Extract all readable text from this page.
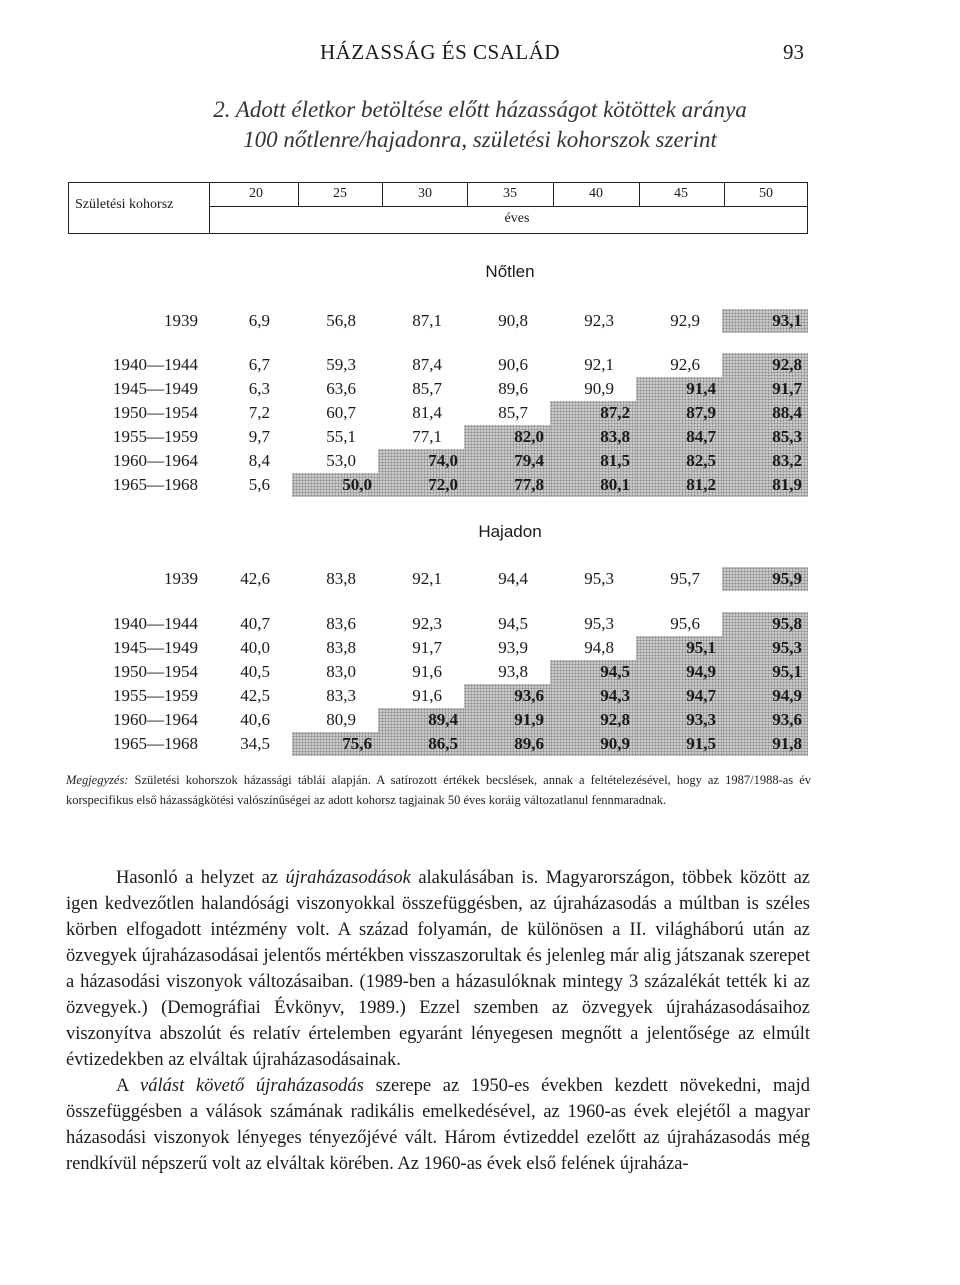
HÁZASSÁG ÉS CSALÁD	93
2. Adott életkor betöltése előtt házasságot kötöttek aránya
100 nőtlenre/hajadonra, születési kohorszok szerint
Születési kohorsz
20	25	30	35	40	45	50
éves
Nőtlen
1939	6,9	56,8	87,1	90,8	92,3	92,9	93,1
1940—1944	6,7	59,3	87,4	90,6	92,1	92,6	92,8
1945—1949	6,3	63,6	85,7	89,6	90,9	91,4	91,7
1950—1954	7,2	60,7	81,4	85,7	87,2	87,9	88,4
1955—1959	9,7	55,1	77,1	82,0	83,8	84,7	85,3
1960—1964	8,4	53,0	74,0	79,4	81,5	82,5	83,2
1965—1968	5,6	50,0	72,0	77,8	80,1	81,2	81,9
Hajadon
1939	42,6	83,8	92,1	94,4	95,3	95,7	95,9
1940—1944	40,7	83,6	92,3	94,5	95,3	95,6	95,8
1945—1949	40,0	83,8	91,7	93,9	94,8	95,1	95,3
1950—1954	40,5	83,0	91,6	93,8	94,5	94,9	95,1
1955—1959	42,5	83,3	91,6	93,6	94,3	94,7	94,9
1960—1964	40,6	80,9	89,4	91,9	92,8	93,3	93,6
1965—1968	34,5	75,6	86,5	89,6	90,9	91,5	91,8
Megjegyzés: Születési kohorszok házassági táblái alapján. A satírozott értékek becslések, annak a feltételezésével, hogy az 1987/1988-as év korspecifikus első házasságkötési valószínűségei az adott kohorsz tagjainak 50 éves koráig változatlanul fennmaradnak.

Hasonló a helyzet az újraházasodások alakulásában is. Magyarországon, többek között az igen kedvezőtlen halandósági viszonyokkal összefüggésben, az újraházasodás a múltban is széles körben elfogadott intézmény volt. A század folyamán, de különösen a II. világháború után az özvegyek újraházasodásai jelentős mértékben visszaszorultak és jelenleg már alig játszanak szerepet a házasodási viszonyok változásaiban. (1989-ben a házasulóknak mintegy 3 százalékát tették ki az özvegyek.) (Demográfiai Évkönyv, 1989.) Ezzel szemben az özvegyek újraházasodásaihoz viszonyítva abszolút és relatív értelemben egyaránt lényegesen megnőtt a jelentősége az elmúlt évtizedekben az elváltak újraházasodásainak.

A válást követő újraházasodás szerepe az 1950-es években kezdett növekedni, majd összefüggésben a válások számának radikális emelkedésével, az 1960-as évek elejétől a magyar házasodási viszonyok lényeges tényezőjévé vált. Három évtizeddel ezelőtt az újraházasodás még rendkívül népszerű volt az elváltak körében. Az 1960-as évek első felének újraháza-
